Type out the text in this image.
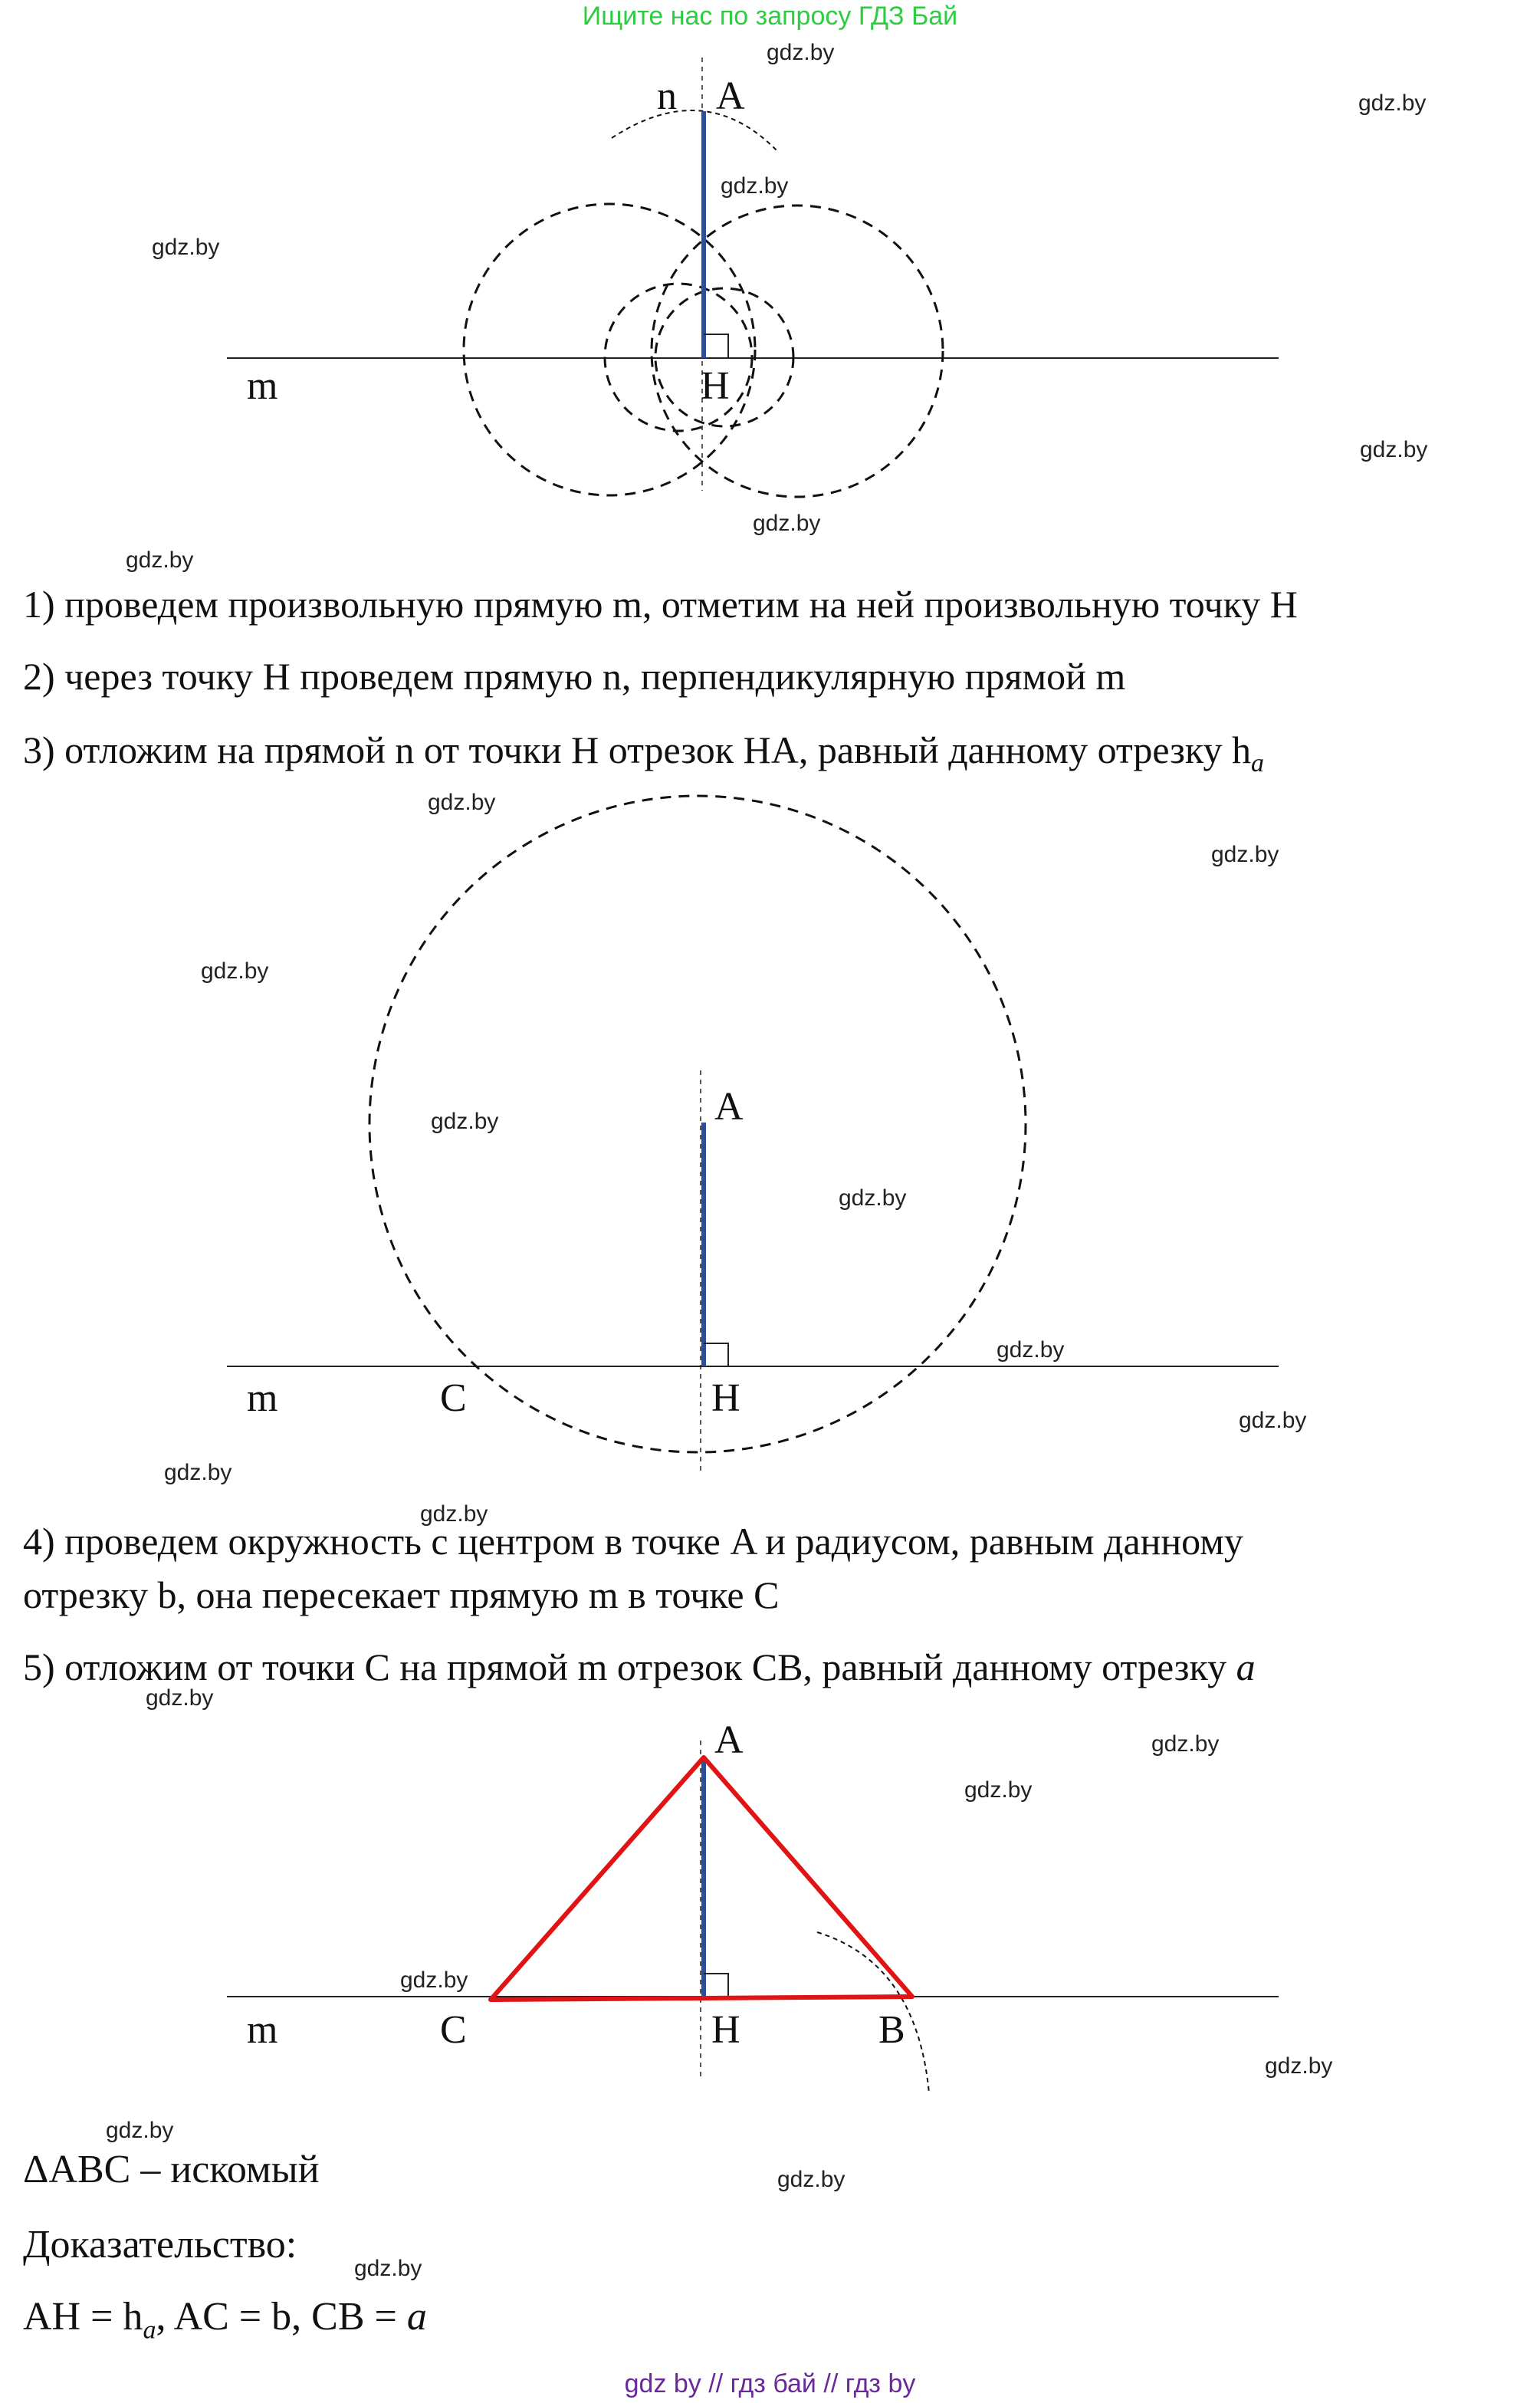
Ищите нас по запросу ГДЗ Бай
n A
H
m
1) проведем произвольную прямую m, отметим на ней произвольную точку H
2) через точку H проведем прямую n, перпендикулярную прямой m
3) отложим на прямой n от точки H отрезок HA, равный данному отрезку $h_a$
A
H
m	C
4) проведем окружность с центром в точке A и радиусом, равным данному
отрезку b, она пересекает прямую m в точке C
5) отложим от точки C на прямой m отрезок CB, равный данному отрезку a
A
H
m	C	B
ΔABC – искомый
Доказательство:
AH = $h_a$, AC = b, CB = a
gdz.by
gdz.by
gdz.by
gdz.by
gdz.by
gdz.by
gdz.by
gdz.by
gdz.by
gdz.by
gdz.by
gdz.by
gdz.by
gdz.by
gdz.by
gdz.by
gdz.by
gdz.by
gdz.by
gdz.by
gdz.by
gdz.by
gdz.by
gdz.by
gdz by // гдз бай // гдз by
